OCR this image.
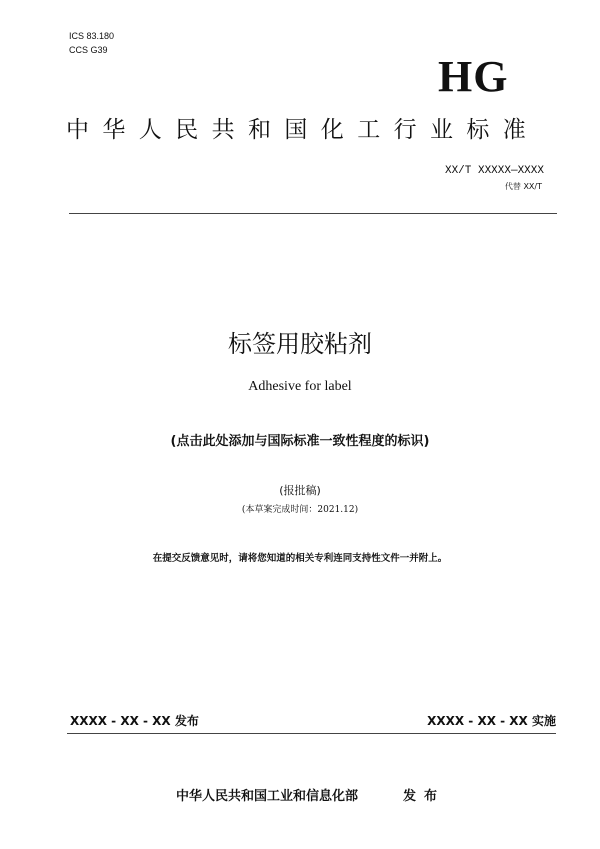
ICS 83.180
CCS G39
HG
中华人民共和国化工行业标准
XX/T XXXXX—XXXX
代替 XX/T
标签用胶粘剂
Adhesive for label
(点击此处添加与国际标准一致性程度的标识)
(报批稿)
(本草案完成时间：2021.12)
在提交反馈意见时，请将您知道的相关专利连同支持性文件一并附上。
XXXX - XX - XX 发布	XXXX - XX - XX 实施
中华人民共和国工业和信息化部	发布
